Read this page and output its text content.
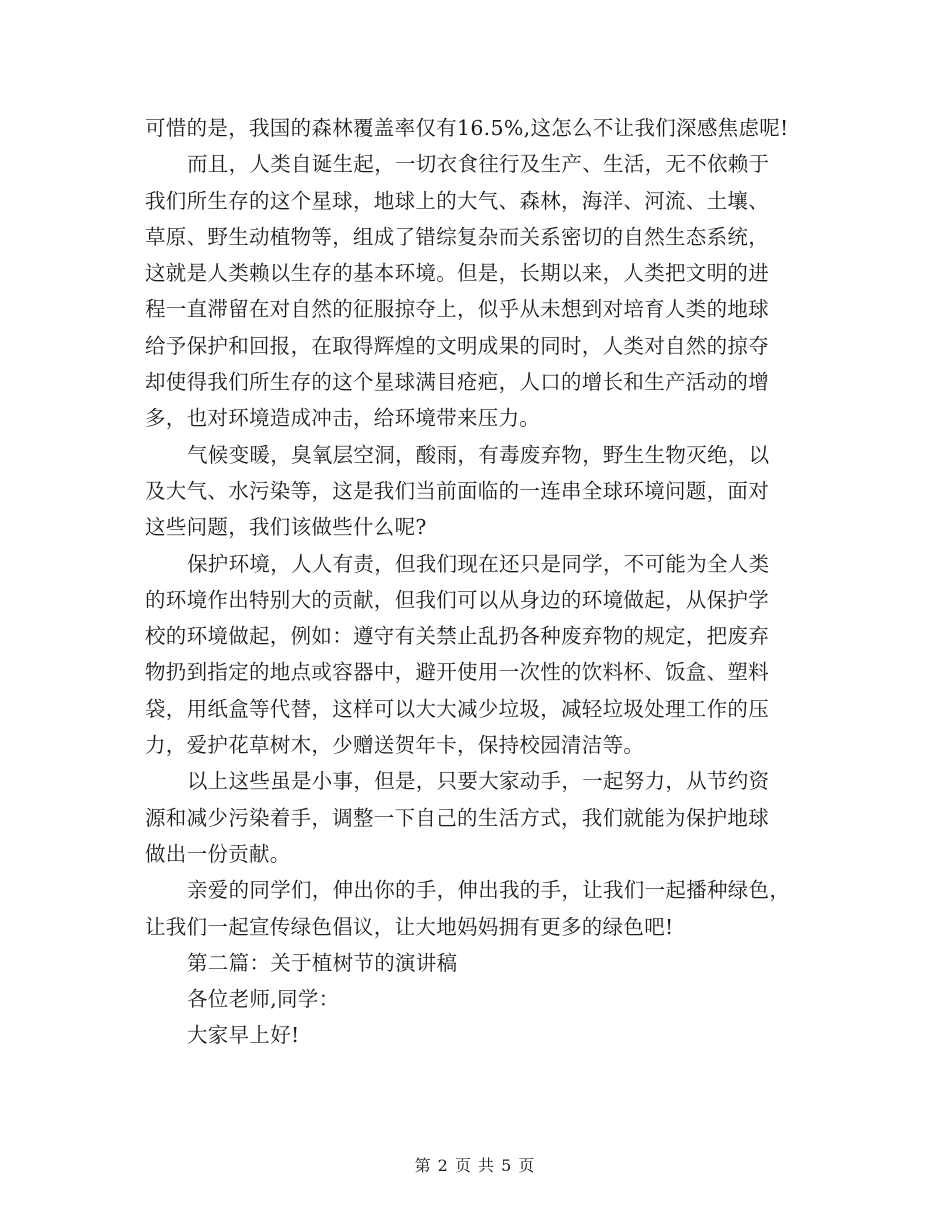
可惜的是，我国的森林覆盖率仅有16.5%,这怎么不让我们深感焦虑呢!
而且，人类自诞生起，一切衣食往行及生产、生活，无不依赖于
我们所生存的这个星球，地球上的大气、森林，海洋、河流、土壤、
草原、野生动植物等，组成了错综复杂而关系密切的自然生态系统，
这就是人类赖以生存的基本环境。但是，长期以来，人类把文明的进
程一直滞留在对自然的征服掠夺上，似乎从未想到对培育人类的地球
给予保护和回报，在取得辉煌的文明成果的同时，人类对自然的掠夺
却使得我们所生存的这个星球满目疮疤，人口的增长和生产活动的增
多，也对环境造成冲击，给环境带来压力。
气候变暖，臭氧层空洞，酸雨，有毒废弃物，野生生物灭绝，以
及大气、水污染等，这是我们当前面临的一连串全球环境问题，面对
这些问题，我们该做些什么呢?
保护环境，人人有责，但我们现在还只是同学，不可能为全人类
的环境作出特别大的贡献，但我们可以从身边的环境做起，从保护学
校的环境做起，例如：遵守有关禁止乱扔各种废弃物的规定，把废弃
物扔到指定的地点或容器中，避开使用一次性的饮料杯、饭盒、塑料
袋，用纸盒等代替，这样可以大大减少垃圾，减轻垃圾处理工作的压
力，爱护花草树木，少赠送贺年卡，保持校园清洁等。
以上这些虽是小事，但是，只要大家动手，一起努力，从节约资
源和减少污染着手，调整一下自己的生活方式，我们就能为保护地球
做出一份贡献。
亲爱的同学们，伸出你的手，伸出我的手，让我们一起播种绿色，
让我们一起宣传绿色倡议，让大地妈妈拥有更多的绿色吧!
第二篇：关于植树节的演讲稿
各位老师,同学：
大家早上好!
第 2 页 共 5 页
